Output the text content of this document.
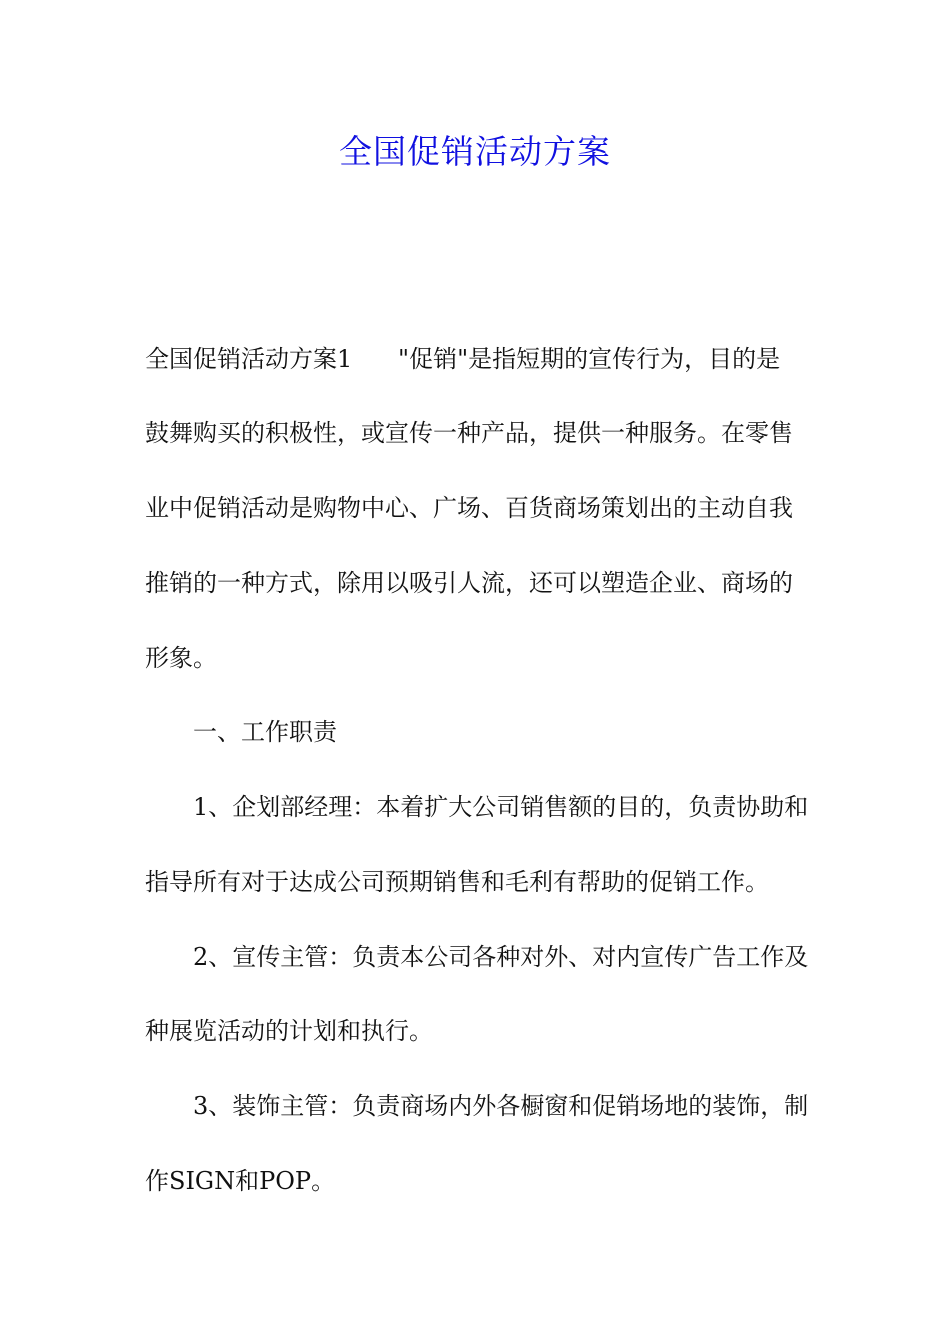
全国促销活动方案
全国促销活动方案1      "促销"是指短期的宣传行为，目的是
鼓舞购买的积极性，或宣传一种产品，提供一种服务。在零售
业中促销活动是购物中心、广场、百货商场策划出的主动自我
推销的一种方式，除用以吸引人流，还可以塑造企业、商场的
形象。
一、工作职责
1、企划部经理：本着扩大公司销售额的目的，负责协助和
指导所有对于达成公司预期销售和毛利有帮助的促销工作。
2、宣传主管：负责本公司各种对外、对内宣传广告工作及
种展览活动的计划和执行。
3、装饰主管：负责商场内外各橱窗和促销场地的装饰，制
作SIGN和POP。
